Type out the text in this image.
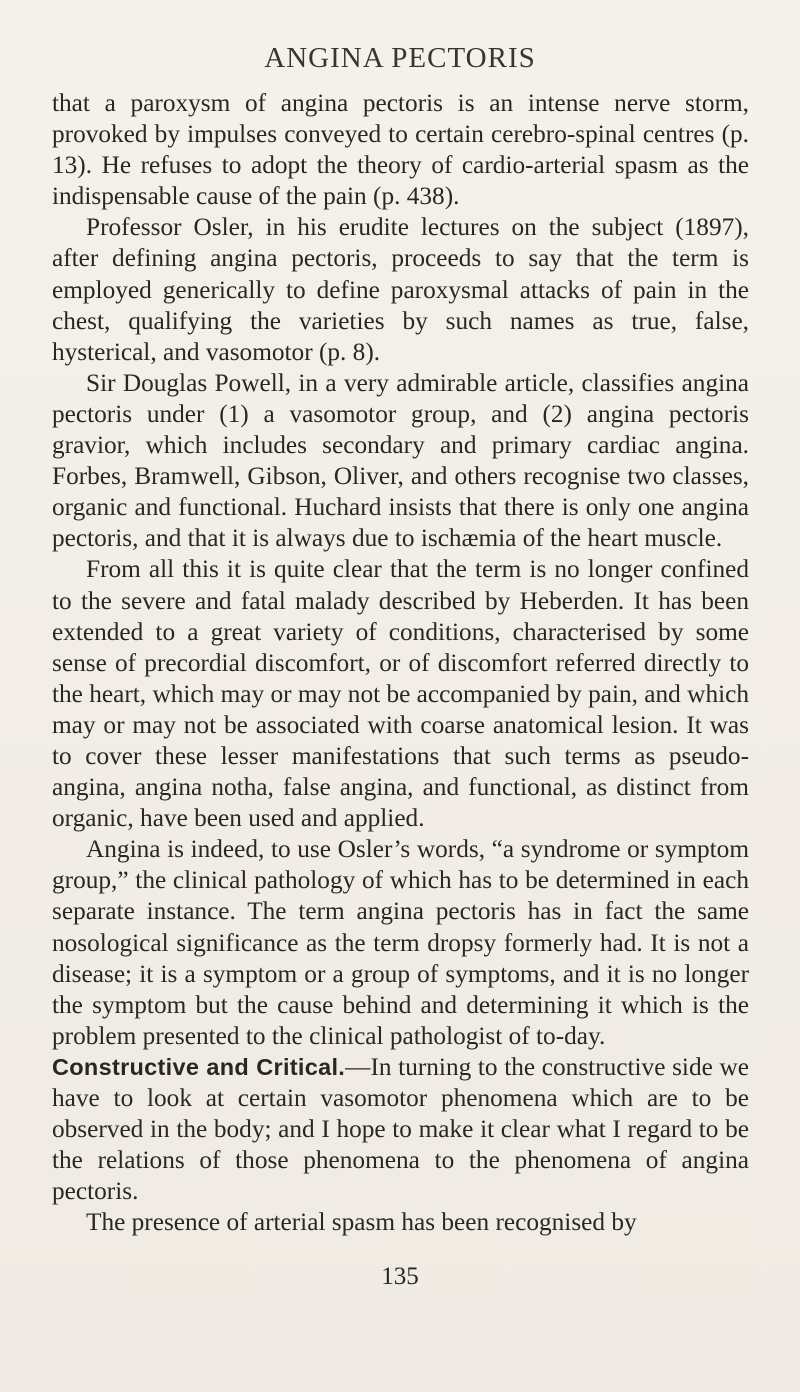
ANGINA PECTORIS

that a paroxysm of angina pectoris is an intense nerve storm, provoked by impulses conveyed to certain cerebro-spinal centres (p. 13). He refuses to adopt the theory of cardio-arterial spasm as the indispensable cause of the pain (p. 438).

Professor Osler, in his erudite lectures on the subject (1897), after defining angina pectoris, proceeds to say that the term is employed generically to define paroxysmal attacks of pain in the chest, qualifying the varieties by such names as true, false, hysterical, and vasomotor (p. 8).

Sir Douglas Powell, in a very admirable article, classifies angina pectoris under (1) a vasomotor group, and (2) angina pectoris gravior, which includes secondary and primary cardiac angina. Forbes, Bramwell, Gibson, Oliver, and others recognise two classes, organic and functional. Huchard insists that there is only one angina pectoris, and that it is always due to ischæmia of the heart muscle.

From all this it is quite clear that the term is no longer confined to the severe and fatal malady described by Heberden. It has been extended to a great variety of conditions, characterised by some sense of precordial discomfort, or of discomfort referred directly to the heart, which may or may not be accompanied by pain, and which may or may not be associated with coarse anatomical lesion. It was to cover these lesser manifestations that such terms as pseudo-angina, angina notha, false angina, and functional, as distinct from organic, have been used and applied.

Angina is indeed, to use Osler’s words, “a syndrome or symptom group,” the clinical pathology of which has to be determined in each separate instance. The term angina pectoris has in fact the same nosological significance as the term dropsy formerly had. It is not a disease; it is a symptom or a group of symptoms, and it is no longer the symptom but the cause behind and determining it which is the problem presented to the clinical pathologist of to-day.

Constructive and Critical.—In turning to the constructive side we have to look at certain vasomotor phenomena which are to be observed in the body; and I hope to make it clear what I regard to be the relations of those phenomena to the phenomena of angina pectoris.

The presence of arterial spasm has been recognised by

135
